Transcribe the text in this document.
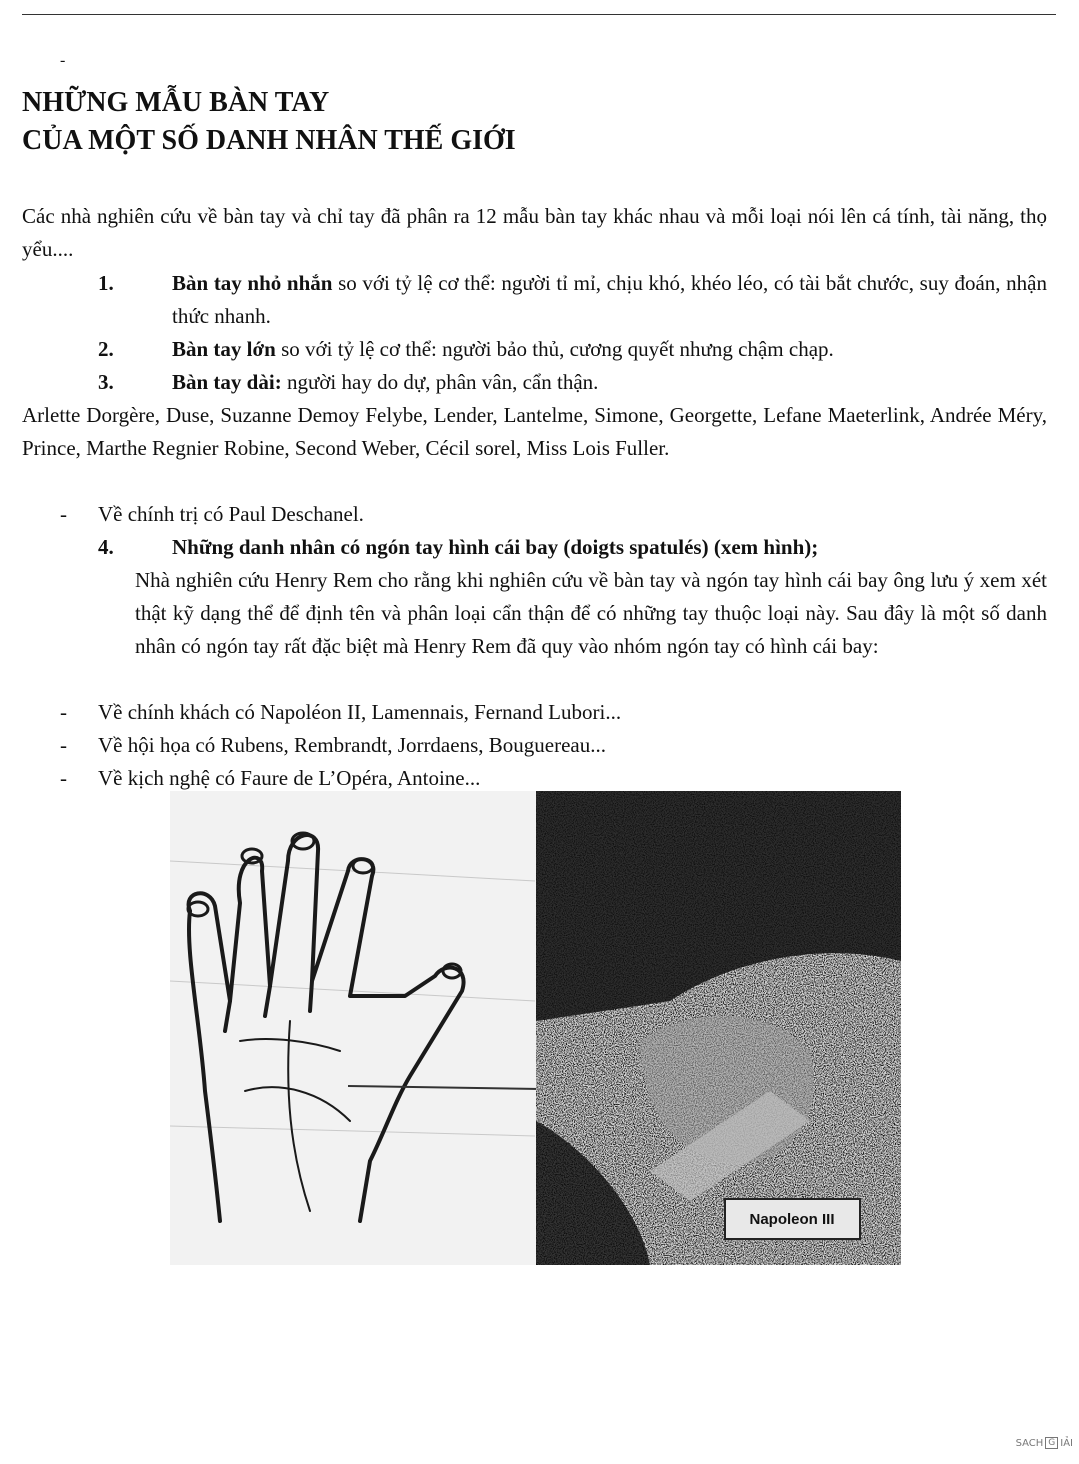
-
NHỮNG MẪU BÀN TAY
CỦA MỘT SỐ DANH NHÂN THẾ GIỚI
Các nhà nghiên cứu về bàn tay và chỉ tay đã phân ra 12 mẫu bàn tay khác nhau và mỗi loại nói lên cá tính, tài năng, thọ yểu....
1.	Bàn tay nhỏ nhắn so với tỷ lệ cơ thể: người tỉ mỉ, chịu khó, khéo léo, có tài bắt chước, suy đoán, nhận thức nhanh.
2.	Bàn tay lớn so với tỷ lệ cơ thể: người bảo thủ, cương quyết nhưng chậm chạp.
3.	Bàn tay dài: người hay do dự, phân vân, cẩn thận.
Arlette Dorgère, Duse, Suzanne Demoy Felybe, Lender, Lantelme, Simone, Georgette, Lefane Maeterlink, Andrée Méry, Prince, Marthe Regnier Robine, Second Weber, Cécil sorel, Miss Lois Fuller.
- Về chính trị có Paul Deschanel.
4.	Những danh nhân có ngón tay hình cái bay (doigts spatulés) (xem hình);
Nhà nghiên cứu Henry Rem cho rằng khi nghiên cứu về bàn tay và ngón tay hình cái bay ông lưu ý xem xét thật kỹ dạng thể để định tên và phân loại cẩn thận để có những tay thuộc loại này. Sau đây là một số danh nhân có ngón tay rất đặc biệt mà Henry Rem đã quy vào nhóm ngón tay có hình cái bay:
- Về chính khách có Napoléon II, Lamennais, Fernand Lubori...
- Về hội họa có Rubens, Rembrandt, Jorrdaens, Bouguereau...
- Về kịch nghệ có Faure de L’Opéra, Antoine...
Napoleon III
SACH G IẢI
